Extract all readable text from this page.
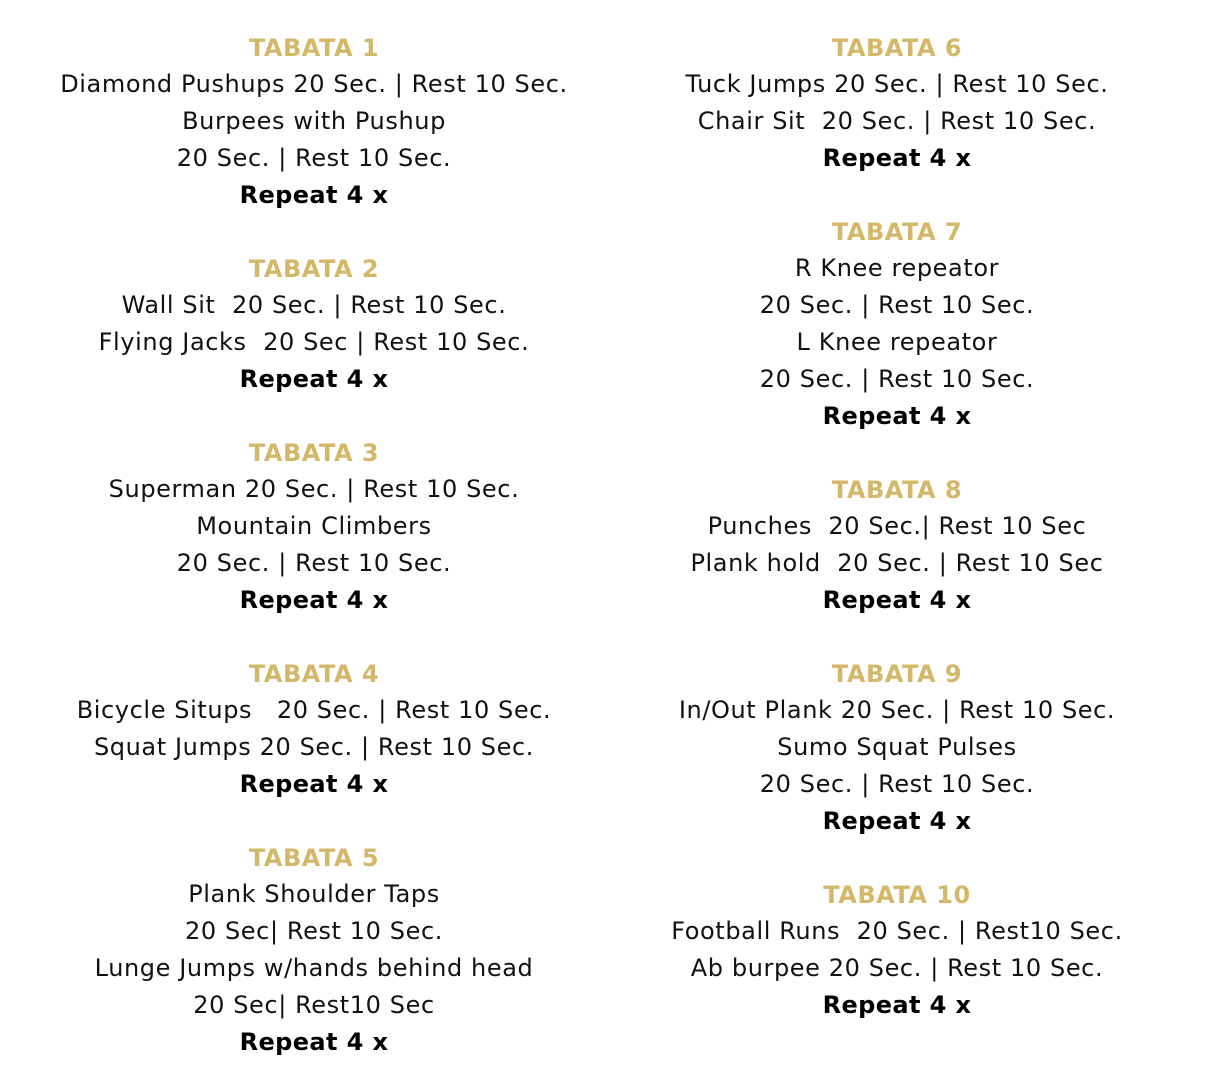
TABATA 1
Diamond Pushups 20 Sec. | Rest 10 Sec.
Burpees with Pushup
20 Sec. | Rest 10 Sec.
Repeat 4 x
TABATA 2
Wall Sit  20 Sec. | Rest 10 Sec.
Flying Jacks  20 Sec | Rest 10 Sec.
Repeat 4 x
TABATA 3
Superman 20 Sec. | Rest 10 Sec.
Mountain Climbers
20 Sec. | Rest 10 Sec.
Repeat 4 x
TABATA 4
Bicycle Situps   20 Sec. | Rest 10 Sec.
Squat Jumps 20 Sec. | Rest 10 Sec.
Repeat 4 x
TABATA 5
Plank Shoulder Taps
20 Sec| Rest 10 Sec.
Lunge Jumps w/hands behind head
20 Sec| Rest10 Sec
Repeat 4 x
TABATA 6
Tuck Jumps 20 Sec. | Rest 10 Sec.
Chair Sit  20 Sec. | Rest 10 Sec.
Repeat 4 x
TABATA 7
R Knee repeator
20 Sec. | Rest 10 Sec.
L Knee repeator
20 Sec. | Rest 10 Sec.
Repeat 4 x
TABATA 8
Punches  20 Sec.| Rest 10 Sec
Plank hold  20 Sec. | Rest 10 Sec
Repeat 4 x
TABATA 9
In/Out Plank 20 Sec. | Rest 10 Sec.
Sumo Squat Pulses
20 Sec. | Rest 10 Sec.
Repeat 4 x
TABATA 10
Football Runs  20 Sec. | Rest10 Sec.
Ab burpee 20 Sec. | Rest 10 Sec.
Repeat 4 x
